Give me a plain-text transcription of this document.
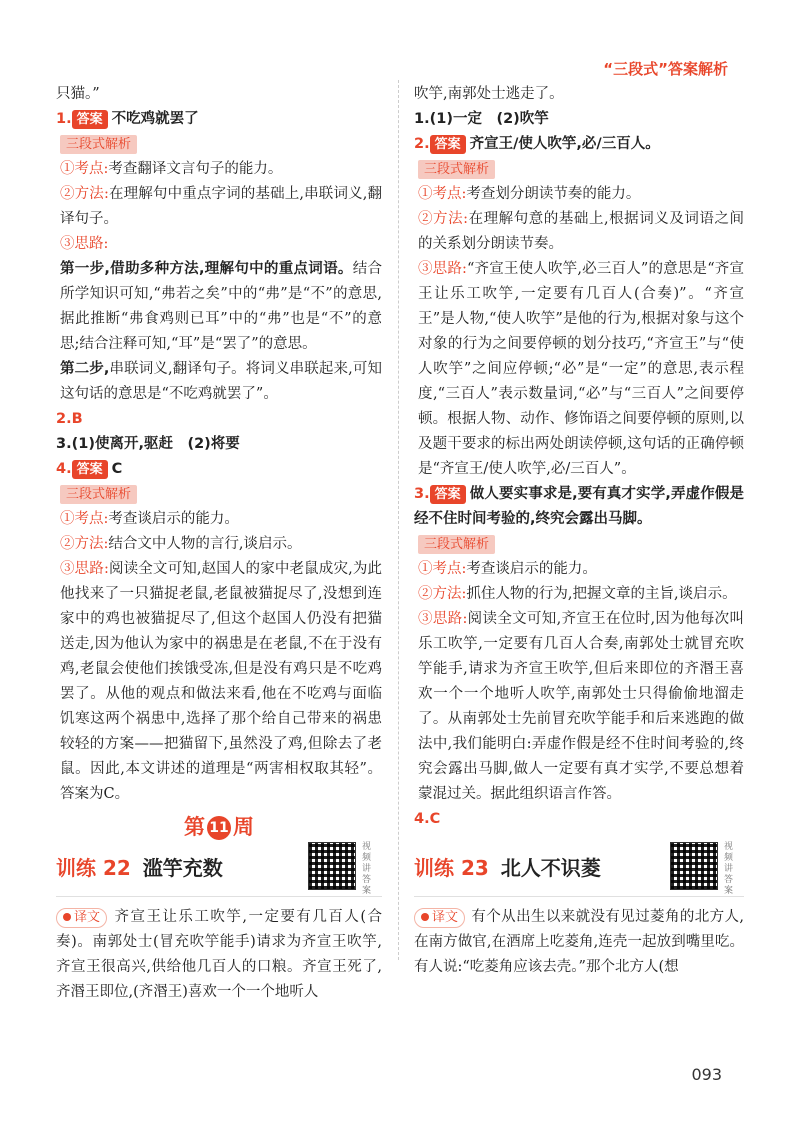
“三段式”答案解析

只猫。”

1. 答案 不吃鸡就罢了

三段式解析

①考点:考查翻译文言句子的能力。

②方法:在理解句中重点字词的基础上,串联词义,翻译句子。

③思路:

第一步,借助多种方法,理解句中的重点词语。结合所学知识可知,“弗若之矣”中的“弗”是“不”的意思,据此推断“弗食鸡则已耳”中的“弗”也是“不”的意思;结合注释可知,“耳”是“罢了”的意思。

第二步,串联词义,翻译句子。将词义串联起来,可知这句话的意思是“不吃鸡就罢了”。

2.B

3.(1)使离开,驱赶　(2)将要

4. 答案 C

三段式解析

①考点:考查谈启示的能力。

②方法:结合文中人物的言行,谈启示。

③思路:阅读全文可知,赵国人的家中老鼠成灾,为此他找来了一只猫捉老鼠,老鼠被猫捉尽了,没想到连家中的鸡也被猫捉尽了,但这个赵国人仍没有把猫送走,因为他认为家中的祸患是在老鼠,不在于没有鸡,老鼠会使他们挨饿受冻,但是没有鸡只是不吃鸡罢了。从他的观点和做法来看,他在不吃鸡与面临饥寒这两个祸患中,选择了那个给自己带来的祸患较轻的方案——把猫留下,虽然没了鸡,但除去了老鼠。因此,本文讲述的道理是“两害相权取其轻”。答案为C。

第 11 周
训练 22 滥竽充数
视频讲答案

译文 齐宣王让乐工吹竽,一定要有几百人(合奏)。南郭处士(冒充吹竽能手)请求为齐宣王吹竽,齐宣王很高兴,供给他几百人的口粮。齐宣王死了,齐湣王即位,(齐湣王)喜欢一个一个地听人

吹竽,南郭处士逃走了。

1.(1)一定　(2)吹竽

2. 答案 齐宣王/使人吹竽,必/三百人。

三段式解析

①考点:考查划分朗读节奏的能力。

②方法:在理解句意的基础上,根据词义及词语之间的关系划分朗读节奏。

③思路:“齐宣王使人吹竽,必三百人”的意思是“齐宣王让乐工吹竽,一定要有几百人(合奏)”。“齐宣王”是人物,“使人吹竽”是他的行为,根据对象与这个对象的行为之间要停顿的划分技巧,“齐宣王”与“使人吹竽”之间应停顿;“必”是“一定”的意思,表示程度,“三百人”表示数量词,“必”与“三百人”之间要停顿。根据人物、动作、修饰语之间要停顿的原则,以及题干要求的标出两处朗读停顿,这句话的正确停顿是“齐宣王/使人吹竽,必/三百人”。

3. 答案 做人要实事求是,要有真才实学,弄虚作假是经不住时间考验的,终究会露出马脚。

三段式解析

①考点:考查谈启示的能力。

②方法:抓住人物的行为,把握文章的主旨,谈启示。

③思路:阅读全文可知,齐宣王在位时,因为他每次叫乐工吹竽,一定要有几百人合奏,南郭处士就冒充吹竽能手,请求为齐宣王吹竽,但后来即位的齐湣王喜欢一个一个地听人吹竽,南郭处士只得偷偷地溜走了。从南郭处士先前冒充吹竽能手和后来逃跑的做法中,我们能明白:弄虚作假是经不住时间考验的,终究会露出马脚,做人一定要有真才实学,不要总想着蒙混过关。据此组织语言作答。

4.C

训练 23 北人不识菱
视频讲答案

译文 有个从出生以来就没有见过菱角的北方人,在南方做官,在酒席上吃菱角,连壳一起放到嘴里吃。有人说:“吃菱角应该去壳。”那个北方人(想

093
